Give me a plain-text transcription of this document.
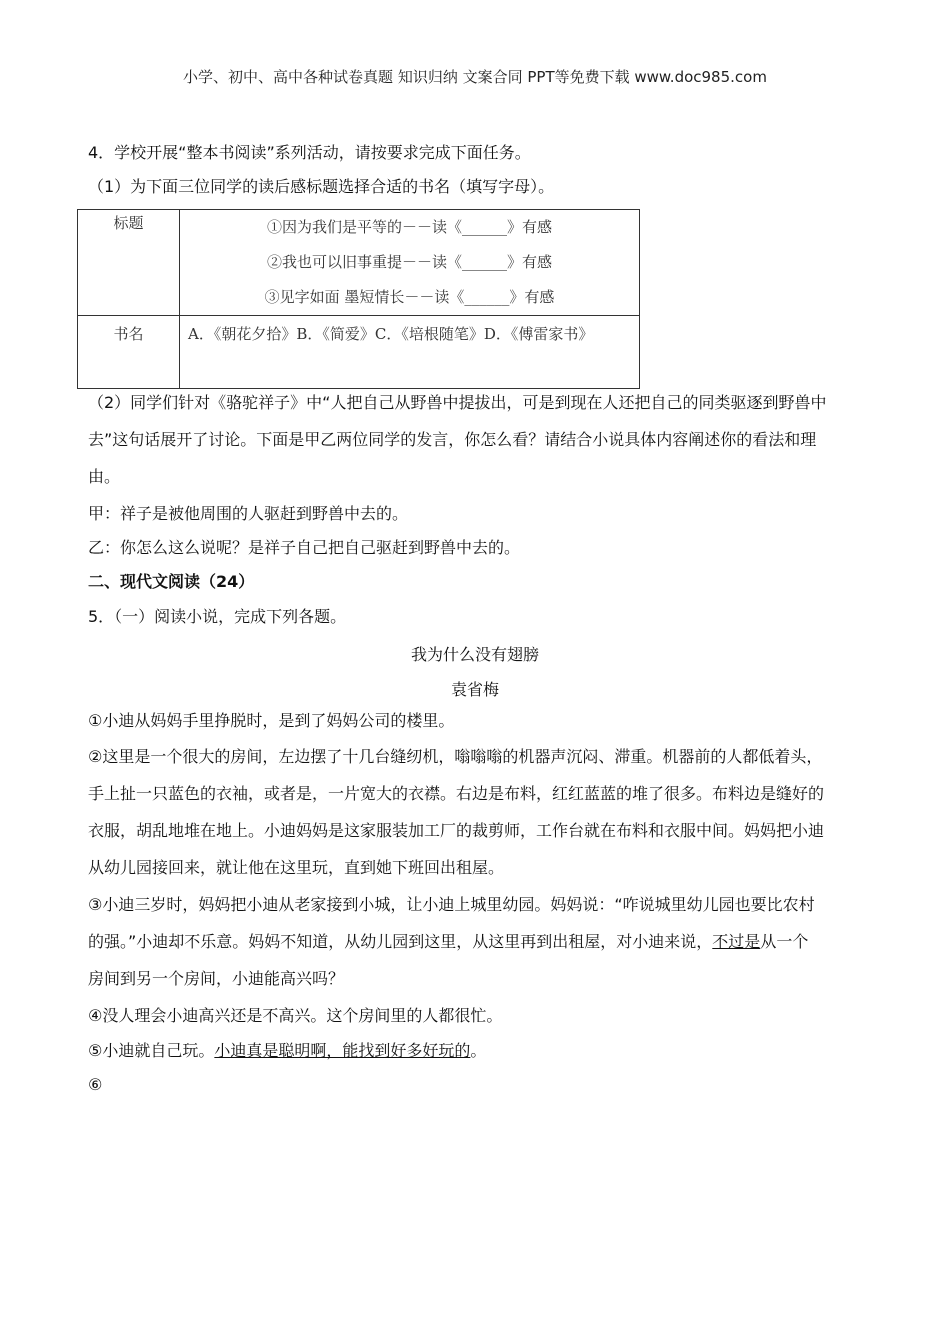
小学、初中、高中各种试卷真题 知识归纳 文案合同 PPT等免费下载 www.doc985.com
4．学校开展“整本书阅读”系列活动，请按要求完成下面任务。
（1）为下面三位同学的读后感标题选择合适的书名（填写字母）。
标题	①因为我们是平等的－－读《______》有感
②我也可以旧事重提－－读《______》有感
③见字如面 墨短情长－－读《______》有感

书名	A．《朝花夕拾》B．《简爱》C．《培根随笔》D．《傅雷家书》
（2）同学们针对《骆驼祥子》中“人把自己从野兽中提拔出，可是到现在人还把自己的同类驱逐到野兽中
去”这句话展开了讨论。下面是甲乙两位同学的发言，你怎么看？请结合小说具体内容阐述你的看法和理
由。
甲：祥子是被他周围的人驱赶到野兽中去的。
乙：你怎么这么说呢？是祥子自己把自己驱赶到野兽中去的。
二、现代文阅读（24）
5．（一）阅读小说，完成下列各题。
我为什么没有翅膀
袁省梅
①小迪从妈妈手里挣脱时，是到了妈妈公司的楼里。
②这里是一个很大的房间，左边摆了十几台缝纫机，嗡嗡嗡的机器声沉闷、滞重。机器前的人都低着头，
手上扯一只蓝色的衣袖，或者是，一片宽大的衣襟。右边是布料，红红蓝蓝的堆了很多。布料边是缝好的
衣服，胡乱地堆在地上。小迪妈妈是这家服装加工厂的裁剪师，工作台就在布料和衣服中间。妈妈把小迪
从幼儿园接回来，就让他在这里玩，直到她下班回出租屋。
③小迪三岁时，妈妈把小迪从老家接到小城，让小迪上城里幼园。妈妈说：“咋说城里幼儿园也要比农村
的强。”小迪却不乐意。妈妈不知道，从幼儿园到这里，从这里再到出租屋，对小迪来说，不过是从一个
房间到另一个房间，小迪能高兴吗？
④没人理会小迪高兴还是不高兴。这个房间里的人都很忙。
⑤小迪就自己玩。小迪真是聪明啊，能找到好多好玩的。
⑥
